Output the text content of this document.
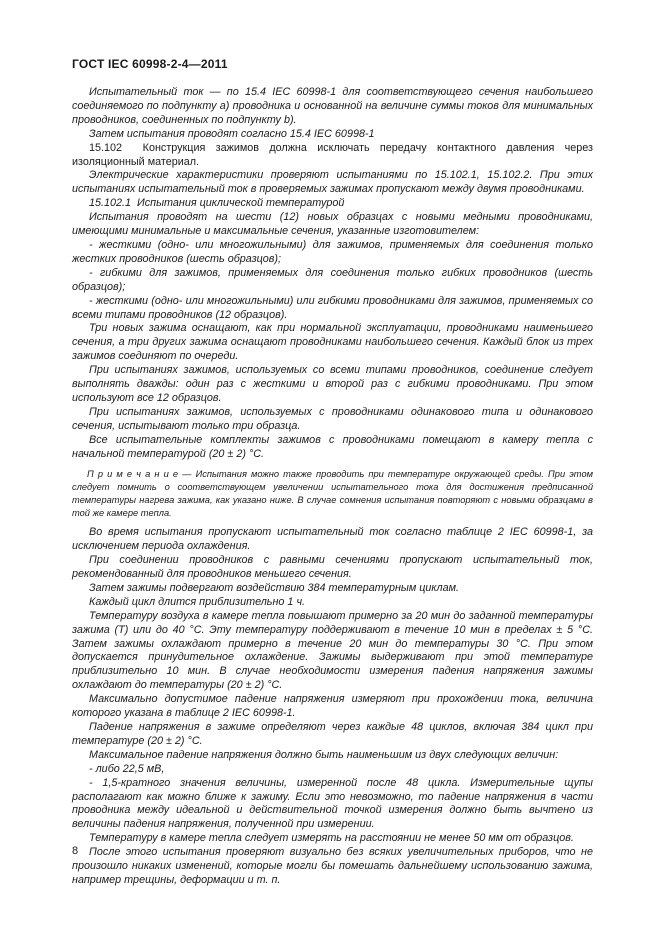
ГОСТ IEC 60998-2-4—2011

Испытательный ток — по 15.4 IEC 60998-1 для соответствующего сечения наибольшего соединяемого по подпункту a) проводника и основанной на величине суммы токов для минимальных проводников, соединенных по подпункту b).

Затем испытания проводят согласно 15.4 IEC 60998-1

15.102  Конструкция зажимов должна исключать передачу контактного давления через изоляционный материал.

Электрические характеристики проверяют испытаниями по 15.102.1, 15.102.2. При этих испытаниях испытательный ток в проверяемых зажимах пропускают между двумя проводниками.

15.102.1  Испытания циклической температурой

Испытания проводят на шести (12) новых образцах с новыми медными проводниками, имеющими минимальные и максимальные сечения, указанные изготовителем:

- жесткими (одно- или многожильными) для зажимов, применяемых для соединения только жестких проводников (шесть образцов);

- гибкими для зажимов, применяемых для соединения только гибких проводников (шесть образцов);

- жесткими (одно- или многожильными) или гибкими проводниками для зажимов, применяемых со всеми типами проводников (12 образцов).

Три новых зажима оснащают, как при нормальной эксплуатации, проводниками наименьшего сечения, а три других зажима оснащают проводниками наибольшего сечения. Каждый блок из трех зажимов соединяют по очереди.

При испытаниях зажимов, используемых со всеми типами проводников, соединение следует выполнять дважды: один раз с жесткими и второй раз с гибкими проводниками. При этом используют все 12 образцов.

При испытаниях зажимов, используемых с проводниками одинакового типа и одинакового сечения, испытывают только три образца.

Все испытательные комплекты зажимов с проводниками помещают в камеру тепла с начальной температурой (20 ± 2) °С.

П р и м е ч а н и е — Испытания можно также проводить при температуре окружающей среды. При этом следует помнить о соответствующем увеличении испытательного тока для достижения предписанной температуры нагрева зажима, как указано ниже. В случае сомнения испытания повторяют с новыми образцами в той же камере тепла.

Во время испытания пропускают испытательный ток согласно таблице 2 IEC 60998-1, за исключением периода охлаждения.

При соединении проводников с равными сечениями пропускают испытательный ток, рекомендованный для проводников меньшего сечения.

Затем зажимы подвергают воздействию 384 температурным циклам.

Каждый цикл длится приблизительно 1 ч.

Температуру воздуха в камере тепла повышают примерно за 20 мин до заданной температуры зажима (Т) или до 40 °С. Эту температуру поддерживают в течение 10 мин в пределах ± 5 °С. Затем зажимы охлаждают примерно в течение 20 мин до температуры 30 °С. При этом допускается принудительное охлаждение. Зажимы выдерживают при этой температуре приблизительно 10 мин. В случае необходимости измерения падения напряжения зажимы охлаждают до температуры (20 ± 2) °С.

Максимально допустимое падение напряжения измеряют при прохождении тока, величина которого указана в таблице 2 IEC 60998-1.

Падение напряжения в зажиме определяют через каждые 48 циклов, включая 384 цикл при температуре (20 ± 2) °С.

Максимальное падение напряжения должно быть наименьшим из двух следующих величин:

- либо 22,5 мВ,

- 1,5-кратного значения величины, измеренной после 48 цикла. Измерительные щупы располагают как можно ближе к зажиму. Если это невозможно, то падение напряжения в части проводника между идеальной и действительной точкой измерения должно быть вычтено из величины падения напряжения, полученной при измерении.

Температуру в камере тепла следует измерять на расстоянии не менее 50 мм от образцов.

После этого испытания проверяют визуально без всяких увеличительных приборов, что не произошло никаких изменений, которые могли бы помешать дальнейшему использованию зажима, например трещины, деформации и т. п.

8
